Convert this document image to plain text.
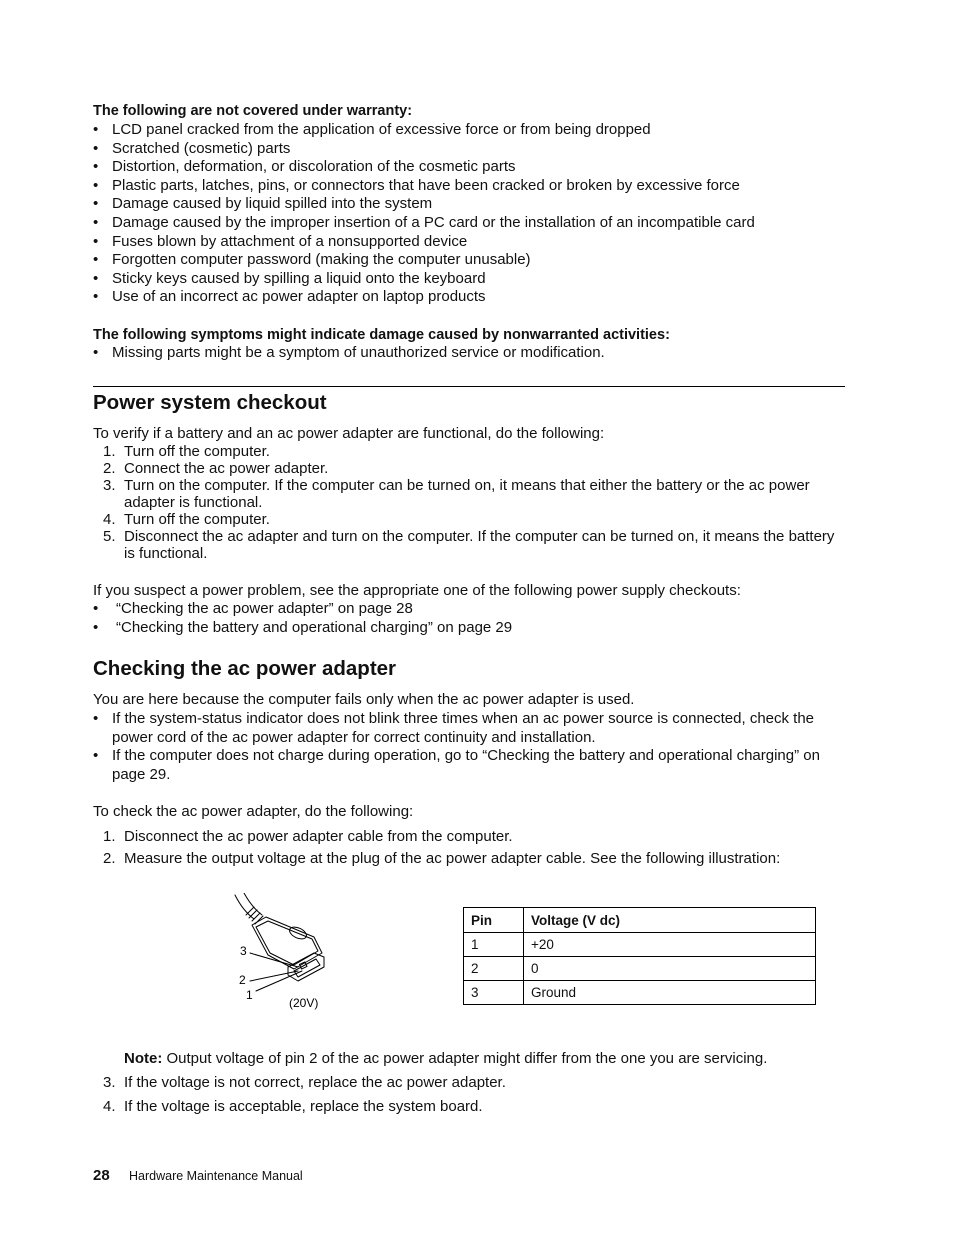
The following are not covered under warranty:
• LCD panel cracked from the application of excessive force or from being dropped
• Scratched (cosmetic) parts
• Distortion, deformation, or discoloration of the cosmetic parts
• Plastic parts, latches, pins, or connectors that have been cracked or broken by excessive force
• Damage caused by liquid spilled into the system
• Damage caused by the improper insertion of a PC card or the installation of an incompatible card
• Fuses blown by attachment of a nonsupported device
• Forgotten computer password (making the computer unusable)
• Sticky keys caused by spilling a liquid onto the keyboard
• Use of an incorrect ac power adapter on laptop products
The following symptoms might indicate damage caused by nonwarranted activities:
• Missing parts might be a symptom of unauthorized service or modification.
Power system checkout
To verify if a battery and an ac power adapter are functional, do the following:
1. Turn off the computer.
2. Connect the ac power adapter.
3. Turn on the computer. If the computer can be turned on, it means that either the battery or the ac power adapter is functional.
4. Turn off the computer.
5. Disconnect the ac adapter and turn on the computer. If the computer can be turned on, it means the battery is functional.
If you suspect a power problem, see the appropriate one of the following power supply checkouts:
• “Checking the ac power adapter” on page 28
• “Checking the battery and operational charging” on page 29
Checking the ac power adapter
You are here because the computer fails only when the ac power adapter is used.
• If the system-status indicator does not blink three times when an ac power source is connected, check the power cord of the ac power adapter for correct continuity and installation.
• If the computer does not charge during operation, go to “Checking the battery and operational charging” on page 29.
To check the ac power adapter, do the following:
1. Disconnect the ac power adapter cable from the computer.
2. Measure the output voltage at the plug of the ac power adapter cable. See the following illustration:
Note: Output voltage of pin 2 of the ac power adapter might differ from the one you are servicing.
3. If the voltage is not correct, replace the ac power adapter.
4. If the voltage is acceptable, replace the system board.
3
2
1
(20V)
Pin	Voltage (V dc)
1	+20
2	0
3	Ground
28 Hardware Maintenance Manual
